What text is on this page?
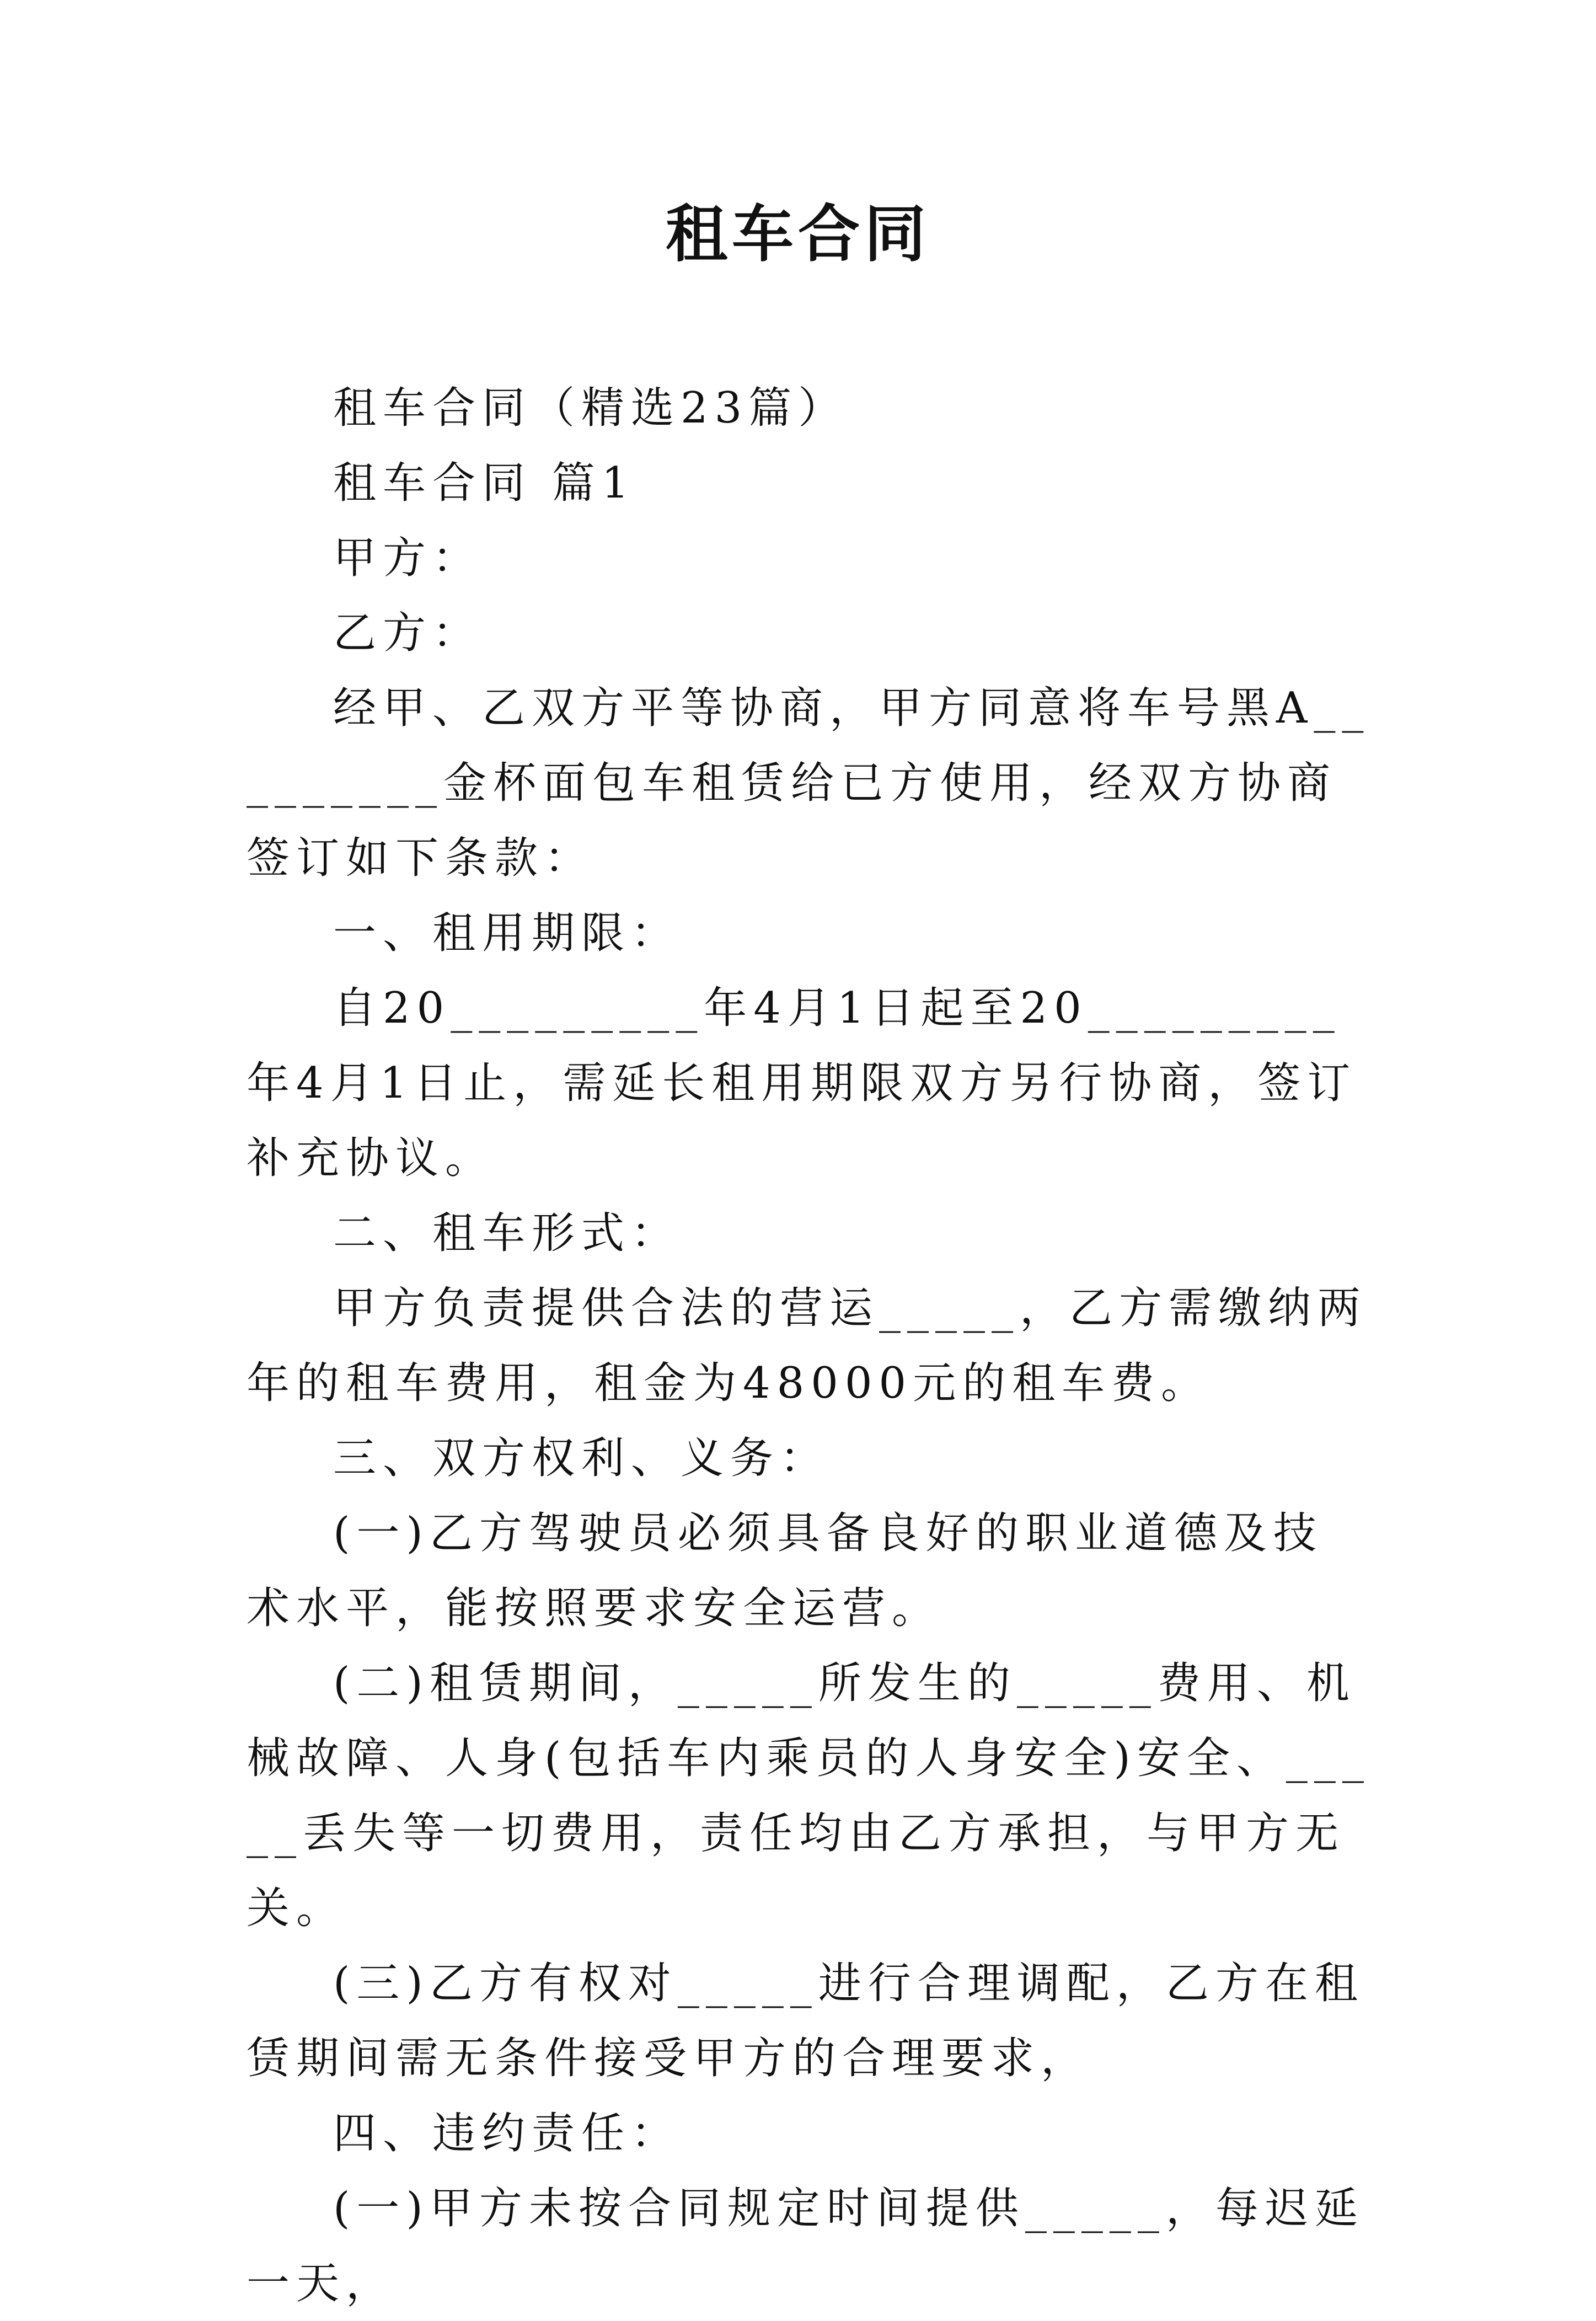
租车合同

租车合同（精选23篇）

租车合同 篇1

甲方：

乙方：

经甲、乙双方平等协商，甲方同意将车号黑A_________金杯面包车租赁给已方使用，经双方协商签订如下条款：

一、租用期限：

自20_________年4月1日起至20_________年4月1日止，需延长租用期限双方另行协商，签订补充协议。

二、租车形式：

甲方负责提供合法的营运_____，乙方需缴纳两年的租车费用，租金为48000元的租车费。

三、双方权利、义务：

(一)乙方驾驶员必须具备良好的职业道德及技术水平，能按照要求安全运营。

(二)租赁期间，_____所发生的_____费用、机械故障、人身(包括车内乘员的人身安全)安全、_____丢失等一切费用，责任均由乙方承担，与甲方无关。

(三)乙方有权对_____进行合理调配，乙方在租赁期间需无条件接受甲方的合理要求，

四、违约责任：

(一)甲方未按合同规定时间提供_____，每迟延一天，
